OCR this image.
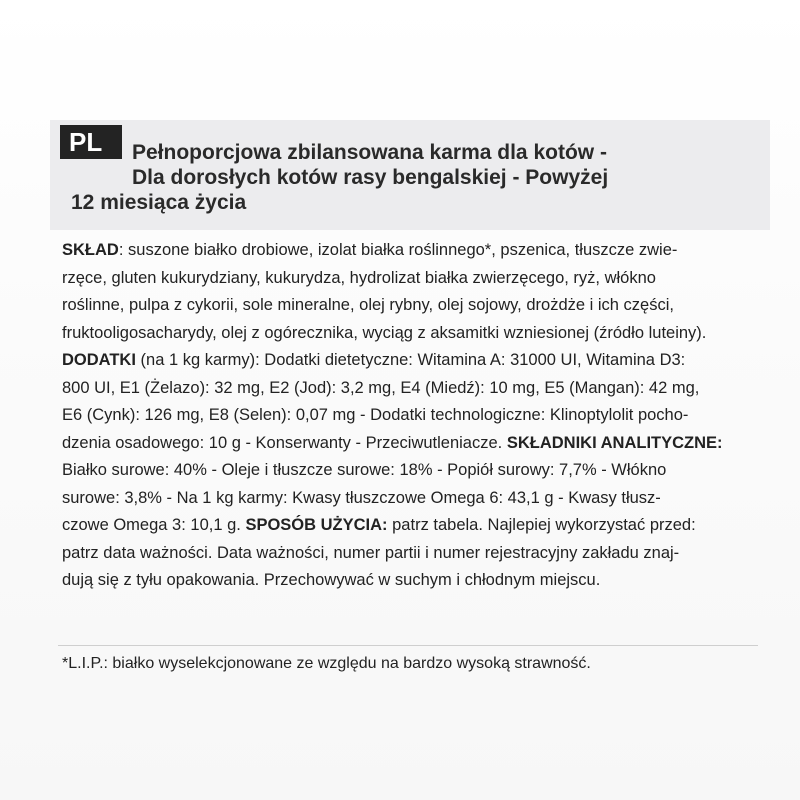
PL	Pełnoporcjowa zbilansowana karma dla kotów -
Dla dorosłych kotów rasy bengalskiej - Powyżej
12 miesiąca życia
SKŁAD: suszone białko drobiowe, izolat białka roślinnego*, pszenica, tłuszcze zwie-
rzęce, gluten kukurydziany, kukurydza, hydrolizat białka zwierzęcego, ryż, włókno
roślinne, pulpa z cykorii, sole mineralne, olej rybny, olej sojowy, drożdże i ich części,
fruktooligosacharydy, olej z ogórecznika, wyciąg z aksamitki wzniesionej (źródło luteiny).
DODATKI (na 1 kg karmy): Dodatki dietetyczne: Witamina A: 31000 UI, Witamina D3:
800 UI, E1 (Żelazo): 32 mg, E2 (Jod): 3,2 mg, E4 (Miedź): 10 mg, E5 (Mangan): 42 mg,
E6 (Cynk): 126 mg, E8 (Selen): 0,07 mg - Dodatki technologiczne: Klinoptylolit pocho-
dzenia osadowego: 10 g - Konserwanty - Przeciwutleniacze. SKŁADNIKI ANALITYCZNE:
Białko surowe: 40% - Oleje i tłuszcze surowe: 18% - Popiół surowy: 7,7% - Włókno
surowe: 3,8% - Na 1 kg karmy: Kwasy tłuszczowe Omega 6: 43,1 g - Kwasy tłusz-
czowe Omega 3: 10,1 g. SPOSÓB UŻYCIA: patrz tabela. Najlepiej wykorzystać przed:
patrz data ważności. Data ważności, numer partii i numer rejestracyjny zakładu znaj-
dują się z tyłu opakowania. Przechowywać w suchym i chłodnym miejscu.
*L.I.P.: białko wyselekcjonowane ze względu na bardzo wysoką strawność.
